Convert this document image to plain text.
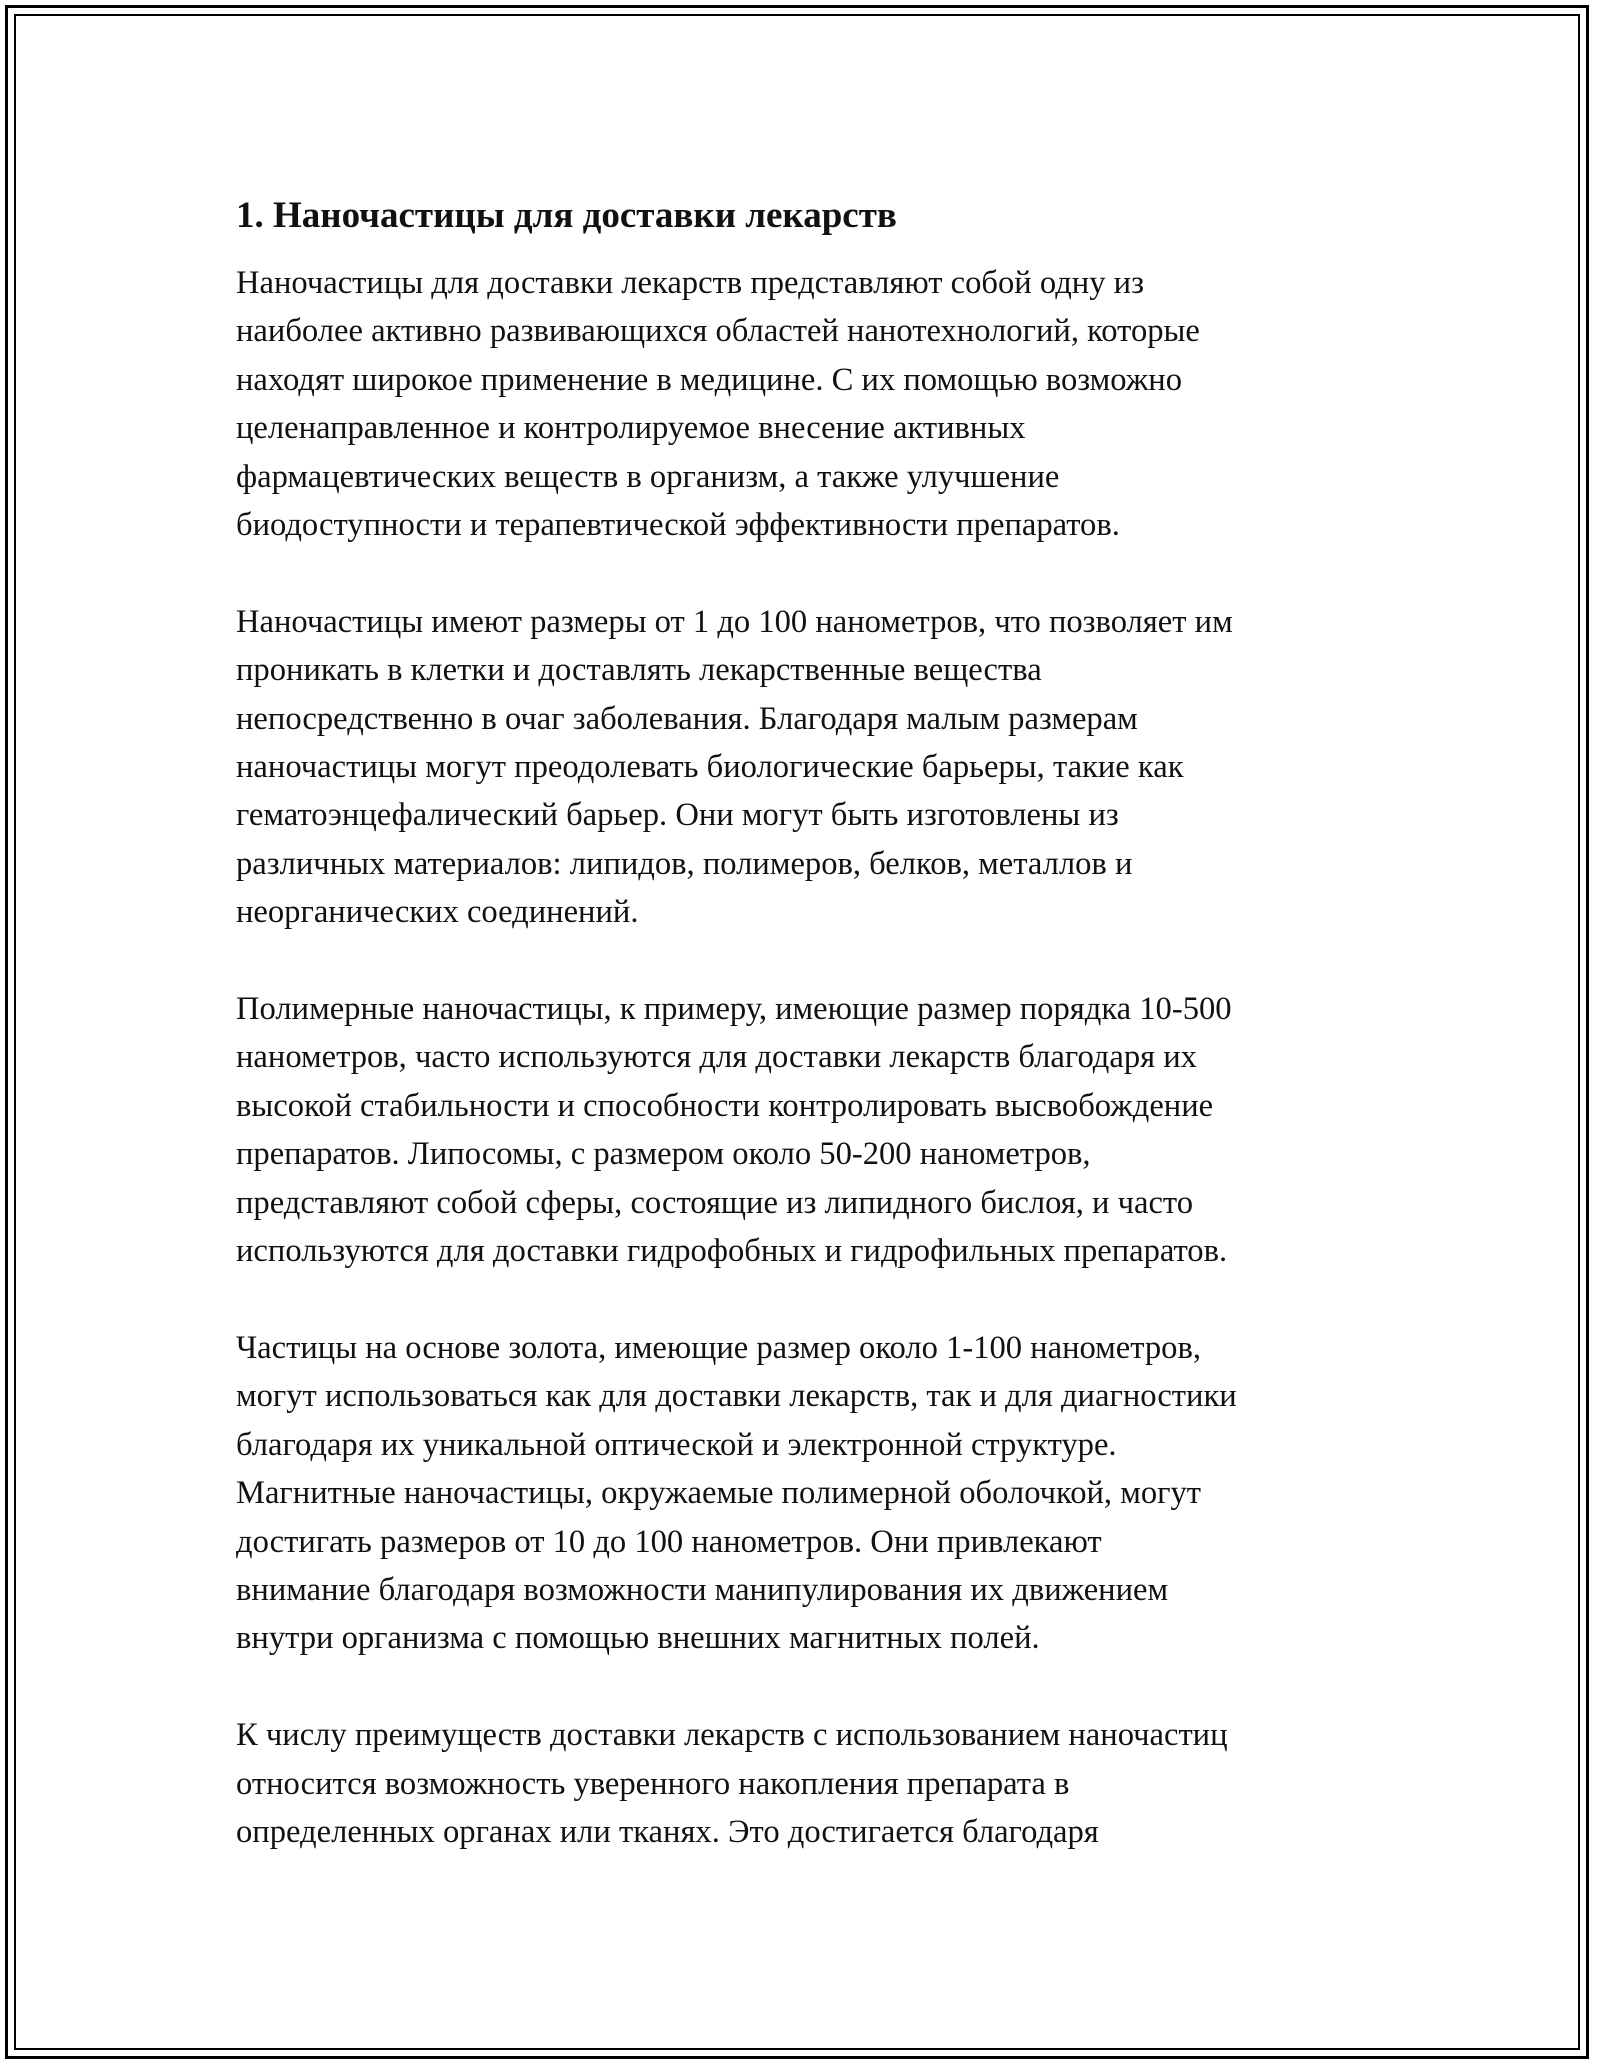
1. Наночастицы для доставки лекарств
Наночастицы для доставки лекарств представляют собой одну из
наиболее активно развивающихся областей нанотехнологий, которые
находят широкое применение в медицине. С их помощью возможно
целенаправленное и контролируемое внесение активных
фармацевтических веществ в организм, а также улучшение
биодоступности и терапевтической эффективности препаратов.
Наночастицы имеют размеры от 1 до 100 нанометров, что позволяет им
проникать в клетки и доставлять лекарственные вещества
непосредственно в очаг заболевания. Благодаря малым размерам
наночастицы могут преодолевать биологические барьеры, такие как
гематоэнцефалический барьер. Они могут быть изготовлены из
различных материалов: липидов, полимеров, белков, металлов и
неорганических соединений.
Полимерные наночастицы, к примеру, имеющие размер порядка 10-500
нанометров, часто используются для доставки лекарств благодаря их
высокой стабильности и способности контролировать высвобождение
препаратов. Липосомы, с размером около 50-200 нанометров,
представляют собой сферы, состоящие из липидного бислоя, и часто
используются для доставки гидрофобных и гидрофильных препаратов.
Частицы на основе золота, имеющие размер около 1-100 нанометров,
могут использоваться как для доставки лекарств, так и для диагностики
благодаря их уникальной оптической и электронной структуре.
Магнитные наночастицы, окружаемые полимерной оболочкой, могут
достигать размеров от 10 до 100 нанометров. Они привлекают
внимание благодаря возможности манипулирования их движением
внутри организма с помощью внешних магнитных полей.
К числу преимуществ доставки лекарств с использованием наночастиц
относится возможность уверенного накопления препарата в
определенных органах или тканях. Это достигается благодаря
